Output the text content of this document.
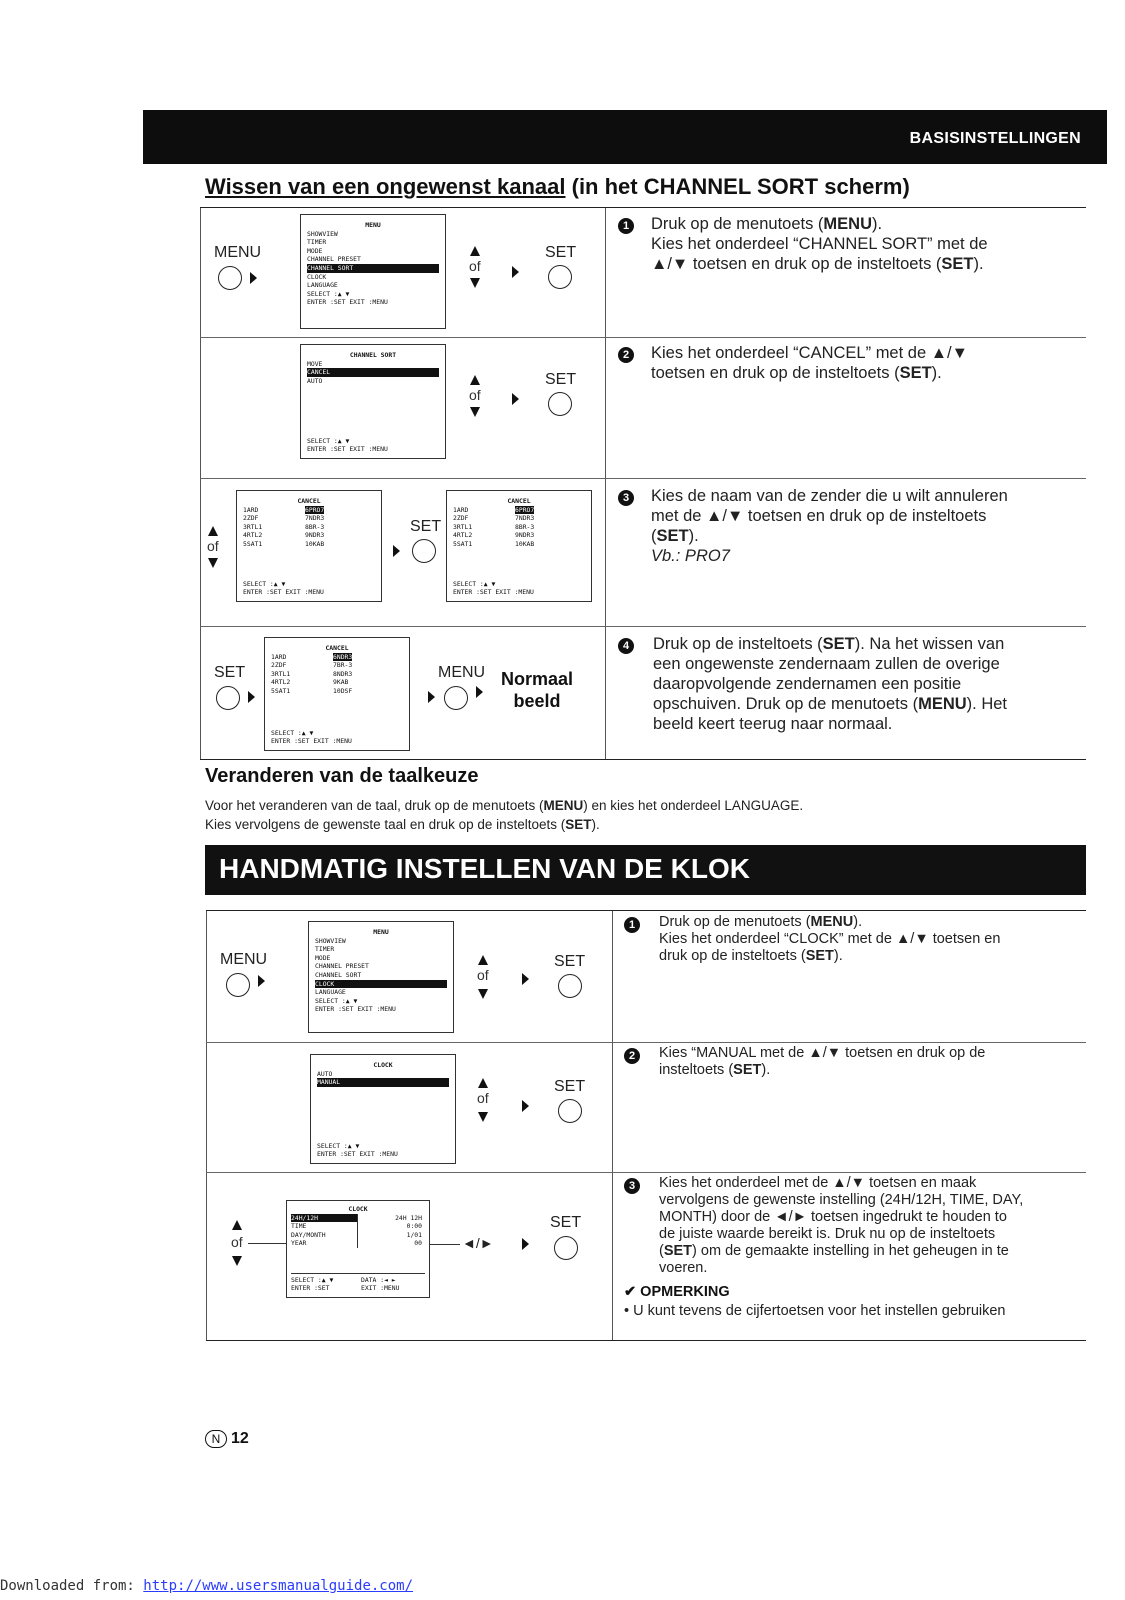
BASISINSTELLINGEN
Wissen van een ongewenst kanaal (in het CHANNEL SORT scherm)
MENU
MENU
SHOWVIEW
TIMER
MODE
CHANNEL PRESET
CHANNEL SORT
CLOCK
LANGUAGE
SELECT :▲ ▼
ENTER :SET EXIT :MENU
of
SET
1 Druk op de menutoets (MENU).
Kies het onderdeel “CHANNEL SORT” met de
▲/▼ toetsen en druk op de insteltoets (SET).
CHANNEL SORT
MOVE
CANCEL
AUTO
SELECT :▲ ▼
ENTER :SET EXIT :MENU
of
SET
2 Kies het onderdeel “CANCEL” met de ▲/▼
toetsen en druk op de insteltoets (SET).
of
CANCEL
1ARD
2ZDF
3RTL1
4RTL2
5SAT1
6PRO7
7NDR3
8BR-3
9NDR3
10KAB
SELECT :▲ ▼
ENTER :SET EXIT :MENU
SET
CANCEL
1ARD
2ZDF
3RTL1
4RTL2
5SAT1
6PRO7
7NDR3
8BR-3
9NDR3
10KAB
SELECT :▲ ▼
ENTER :SET EXIT :MENU
3 Kies de naam van de zender die u wilt annuleren
met de ▲/▼ toetsen en druk op de insteltoets
(SET).
Vb.: PRO7
SET
CANCEL
1ARD
2ZDF
3RTL1
4RTL2
5SAT1
6NDR3
7BR-3
8NDR3
9KAB
10DSF
SELECT :▲ ▼
ENTER :SET EXIT :MENU
MENU Normaal
beeld
4 Druk op de insteltoets (SET). Na het wissen van
een ongewenste zendernaam zullen de overige
daaropvolgende zendernamen een positie
opschuiven. Druk op de menutoets (MENU). Het
beeld keert teerug naar normaal.
Veranderen van de taalkeuze
Voor het veranderen van de taal, druk op de menutoets (MENU) en kies het onderdeel LANGUAGE.
Kies vervolgens de gewenste taal en druk op de insteltoets (SET).
HANDMATIG INSTELLEN VAN DE KLOK
MENU
MENU
SHOWVIEW
TIMER
MODE
CHANNEL PRESET
CHANNEL SORT
CLOCK
LANGUAGE
SELECT :▲ ▼
ENTER :SET EXIT :MENU
of
SET
1	Druk op de menutoets (MENU).
Kies het onderdeel “CLOCK” met de ▲/▼ toetsen en
druk op de insteltoets (SET).
CLOCK
AUTO
MANUAL
SELECT :▲ ▼
ENTER :SET EXIT :MENU
of
SET
2	Kies “MANUAL met de ▲/▼ toetsen en druk op de
insteltoets (SET).
of
CLOCK
24H/12H
TIME
DAY/MONTH
YEAR
24H 12H
0:00
1/01
00
SELECT :▲ ▼
ENTER :SET
DATA :◄ ►
EXIT :MENU
◄/►
SET
3	Kies het onderdeel met de ▲/▼ toetsen en maak
vervolgens de gewenste instelling (24H/12H, TIME, DAY,
MONTH) door de ◄/► toetsen ingedrukt te houden to
de juiste waarde bereikt is. Druk nu op de insteltoets
(SET) om de gemaakte instelling in het geheugen in te
voeren.
✔ OPMERKING
• U kunt tevens de cijfertoetsen voor het instellen gebruiken
N 12
Downloaded from: http://www.usersmanualguide.com/
